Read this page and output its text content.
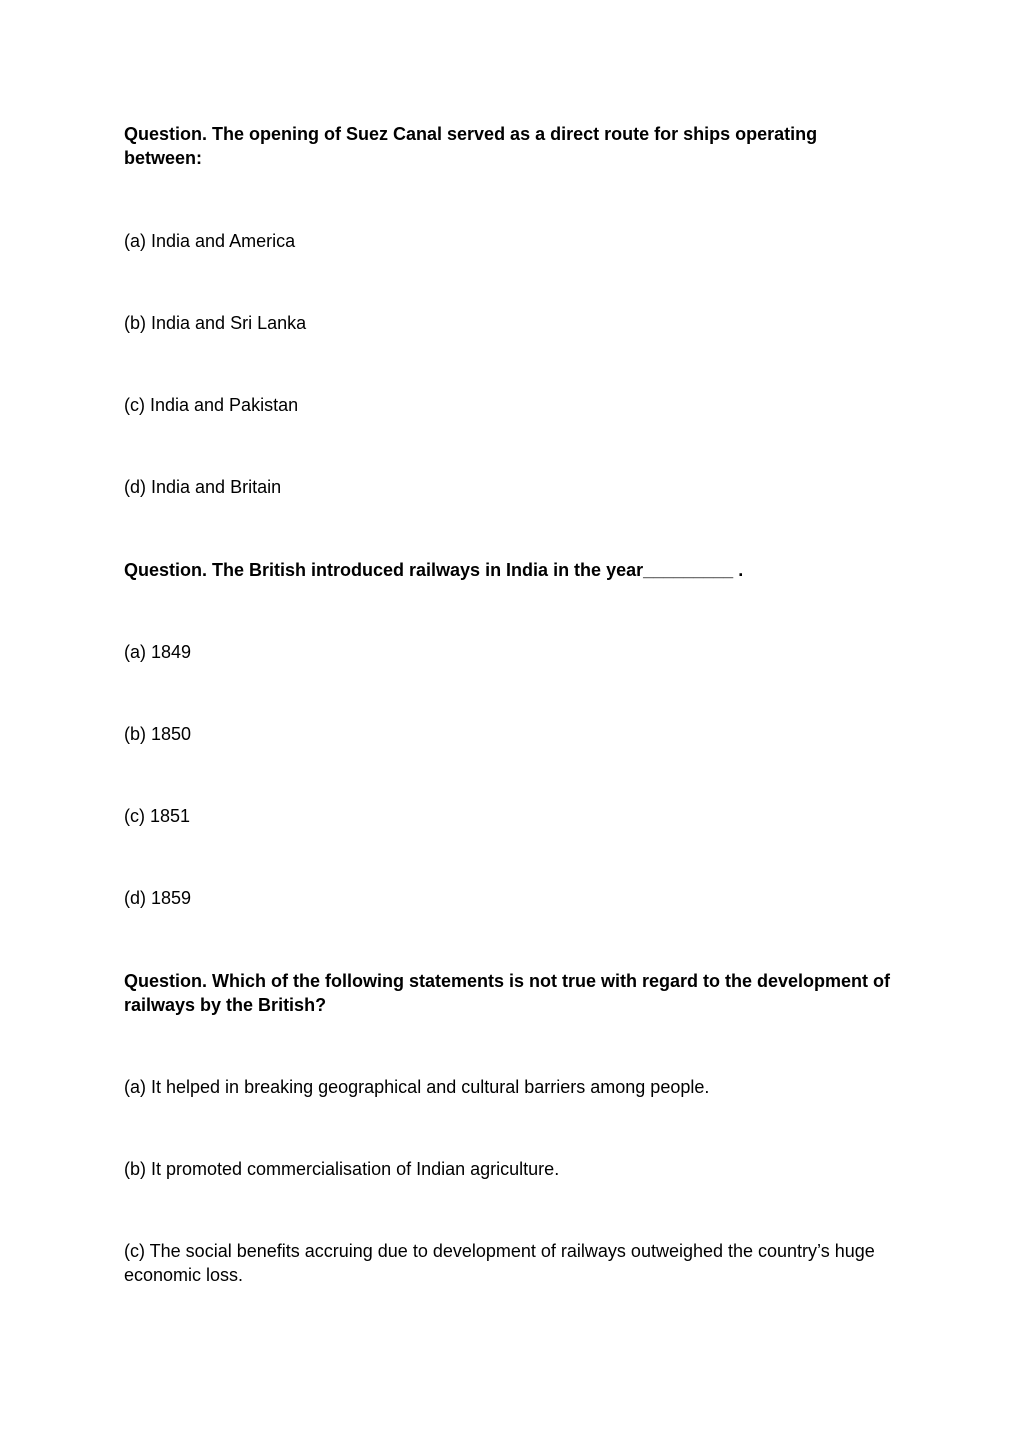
Question. The opening of Suez Canal served as a direct route for ships operating between:

(a) India and America

(b) India and Sri Lanka

(c) India and Pakistan

(d) India and Britain

Question. The British introduced railways in India in the year_________ .

(a) 1849

(b) 1850

(c) 1851

(d) 1859

Question. Which of the following statements is not true with regard to the development of railways by the British?

(a) It helped in breaking geographical and cultural barriers among people.

(b) It promoted commercialisation of Indian agriculture.

(c) The social benefits accruing due to development of railways outweighed the country’s huge economic loss.
